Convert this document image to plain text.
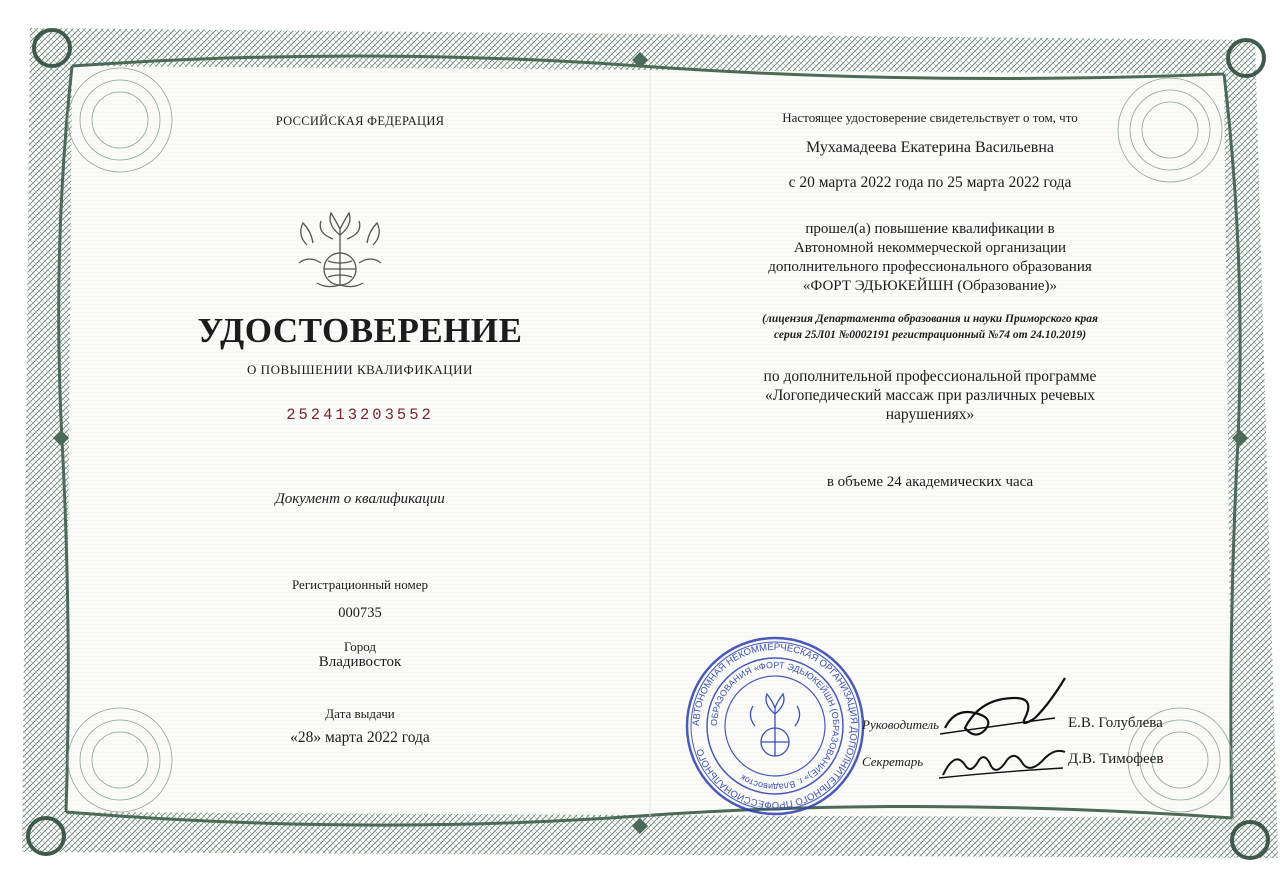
РОССИЙСКАЯ ФЕДЕРАЦИЯ
УДОСТОВЕРЕНИЕ
О ПОВЫШЕНИИ КВАЛИФИКАЦИИ
252413203552
Документ о квалификации
Регистрационный номер
000735
Город
Владивосток
Дата выдачи
«28» марта 2022 года
Настоящее удостоверение свидетельствует о том, что
Мухамадеева Екатерина Васильевна
с 20 марта 2022 года по 25 марта 2022 года
прошел(а) повышение квалификации в
Автономной некоммерческой организации
дополнительного профессионального образования
«ФОРТ ЭДЬЮКЕЙШН (Образование)»
(лицензия Департамента образования и науки Приморского края
серия 25Л01 №0002191 регистрационный №74 от 24.10.2019)
по дополнительной профессиональной программе
«Логопедический массаж при различных речевых
нарушениях»
в объеме 24 академических часа
АВТОНОМНАЯ НЕКОММЕРЧЕСКАЯ ОРГАНИЗАЦИЯ ДОПОЛНИТЕЛЬНОГО ПРОФЕССИОНАЛЬНОГО
ОБРАЗОВАНИЯ «ФОРТ ЭДЬЮКЕЙШН (ОБРАЗОВАНИЕ)» г. Владивосток
Руководитель
Секретарь
Е.В. Голублева
Д.В. Тимофеев
